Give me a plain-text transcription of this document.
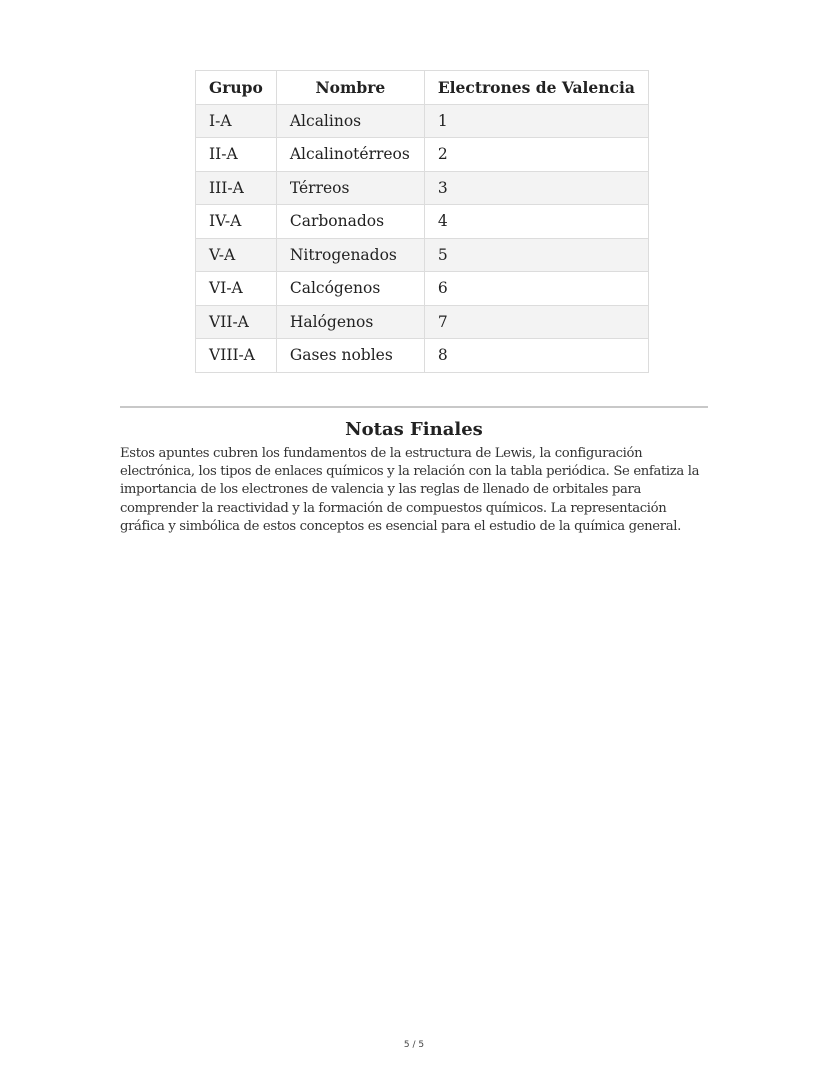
Grupo	Nombre	Electrones de Valencia
I-A	Alcalinos	1
II-A	Alcalinotérreos	2
III-A	Térreos	3
IV-A	Carbonados	4
V-A	Nitrogenados	5
VI-A	Calcógenos	6
VII-A	Halógenos	7
VIII-A	Gases nobles	8
Notas Finales
Estos apuntes cubren los fundamentos de la estructura de Lewis, la configuración
electrónica, los tipos de enlaces químicos y la relación con la tabla periódica. Se enfatiza la
importancia de los electrones de valencia y las reglas de llenado de orbitales para
comprender la reactividad y la formación de compuestos químicos. La representación
gráfica y simbólica de estos conceptos es esencial para el estudio de la química general.
5 / 5
